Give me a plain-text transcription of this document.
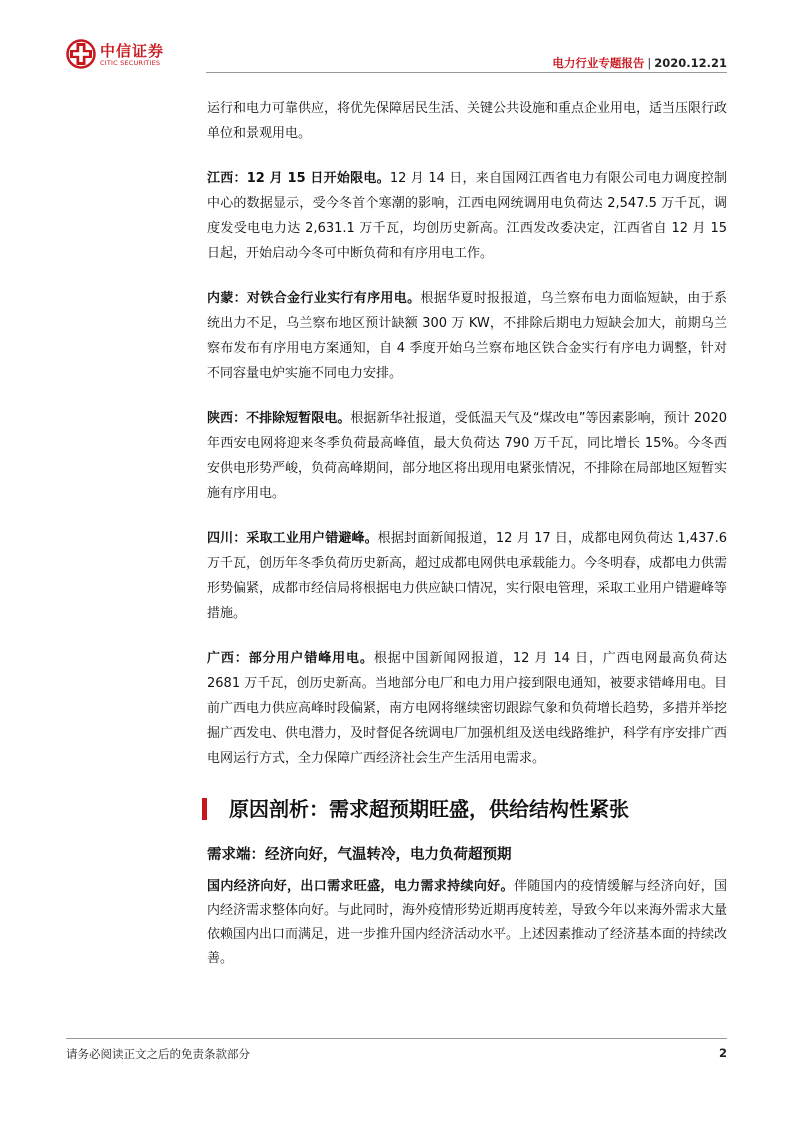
中信证券
CITIC SECURITIES	电力行业专题报告 | 2020.12.21

运行和电力可靠供应，将优先保障居民生活、关键公共设施和重点企业用电，适当压限行政单位和景观用电。

江西：12 月 15 日开始限电。12 月 14 日，来自国网江西省电力有限公司电力调度控制中心的数据显示，受今冬首个寒潮的影响，江西电网统调用电负荷达 2,547.5 万千瓦，调度发受电电力达 2,631.1 万千瓦，均创历史新高。江西发改委决定，江西省自 12 月 15 日起，开始启动今冬可中断负荷和有序用电工作。

内蒙：对铁合金行业实行有序用电。根据华夏时报报道，乌兰察布电力面临短缺，由于系统出力不足，乌兰察布地区预计缺额 300 万 KW，不排除后期电力短缺会加大，前期乌兰察布发布有序用电方案通知，自 4 季度开始乌兰察布地区铁合金实行有序电力调整，针对不同容量电炉实施不同电力安排。

陕西：不排除短暂限电。根据新华社报道，受低温天气及“煤改电”等因素影响，预计 2020 年西安电网将迎来冬季负荷最高峰值，最大负荷达 790 万千瓦，同比增长 15%。今冬西安供电形势严峻，负荷高峰期间，部分地区将出现用电紧张情况，不排除在局部地区短暂实施有序用电。

四川：采取工业用户错避峰。根据封面新闻报道，12 月 17 日，成都电网负荷达 1,437.6 万千瓦，创历年冬季负荷历史新高，超过成都电网供电承载能力。今冬明春，成都电力供需形势偏紧，成都市经信局将根据电力供应缺口情况，实行限电管理，采取工业用户错避峰等措施。

广西：部分用户错峰用电。根据中国新闻网报道，12 月 14 日，广西电网最高负荷达 2681 万千瓦，创历史新高。当地部分电厂和电力用户接到限电通知，被要求错峰用电。目前广西电力供应高峰时段偏紧，南方电网将继续密切跟踪气象和负荷增长趋势，多措并举挖掘广西发电、供电潜力，及时督促各统调电厂加强机组及送电线路维护，科学有序安排广西电网运行方式，全力保障广西经济社会生产生活用电需求。

原因剖析：需求超预期旺盛，供给结构性紧张
需求端：经济向好，气温转冷，电力负荷超预期

国内经济向好，出口需求旺盛，电力需求持续向好。伴随国内的疫情缓解与经济向好，国内经济需求整体向好。与此同时，海外疫情形势近期再度转差，导致今年以来海外需求大量依赖国内出口而满足，进一步推升国内经济活动水平。上述因素推动了经济基本面的持续改善。

请务必阅读正文之后的免责条款部分	2
